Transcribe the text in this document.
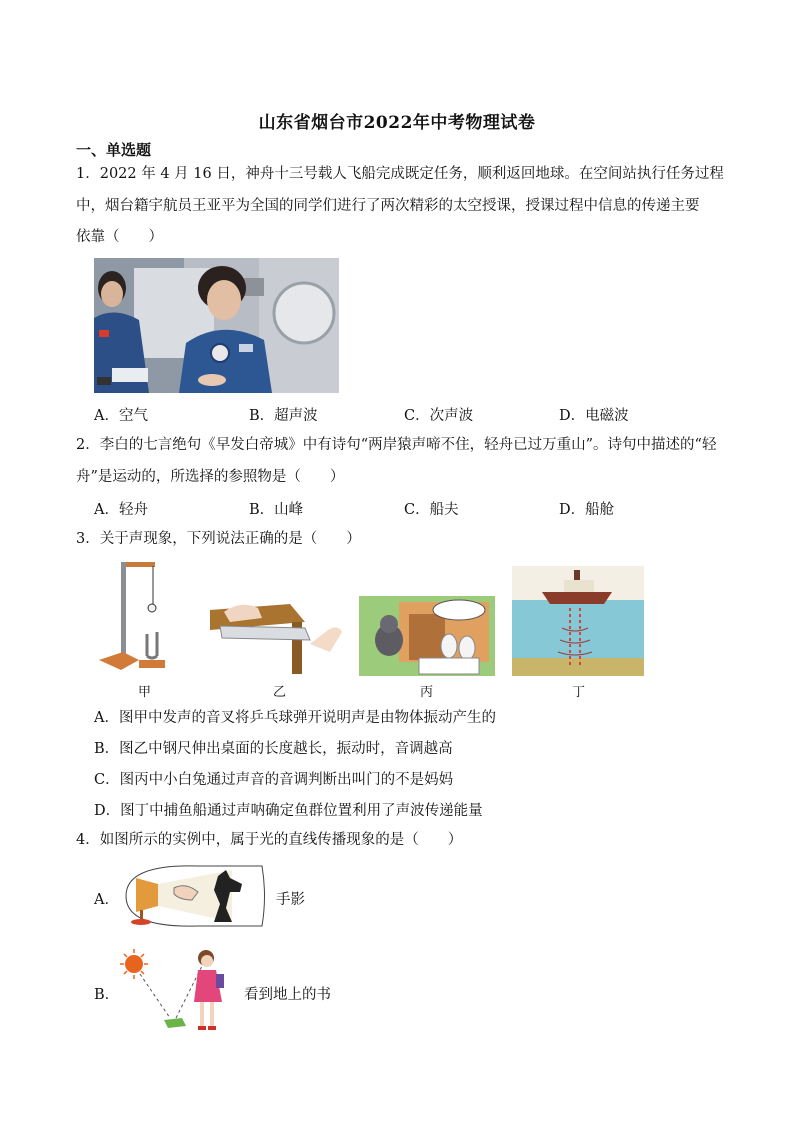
山东省烟台市2022年中考物理试卷
一、单选题
1．2022 年 4 月 16 日，神舟十三号载人飞船完成既定任务，顺利返回地球。在空间站执行任务过程
中，烟台籍宇航员王亚平为全国的同学们进行了两次精彩的太空授课，授课过程中信息的传递主要
依靠（　　）
A．空气	B．超声波	C．次声波	D．电磁波
2．李白的七言绝句《早发白帝城》中有诗句“两岸猿声啼不住，轻舟已过万重山”。诗句中描述的“轻
舟”是运动的，所选择的参照物是（　　）
A．轻舟	B．山峰	C．船夫	D．船舱
3．关于声现象，下列说法正确的是（　　）
甲	乙	丙	丁
A．图甲中发声的音叉将乒乓球弹开说明声是由物体振动产生的
B．图乙中钢尺伸出桌面的长度越长，振动时，音调越高
C．图丙中小白兔通过声音的音调判断出叫门的不是妈妈
D．图丁中捕鱼船通过声呐确定鱼群位置利用了声波传递能量
4．如图所示的实例中，属于光的直线传播现象的是（　　）
A．	手影
B．	看到地上的书
